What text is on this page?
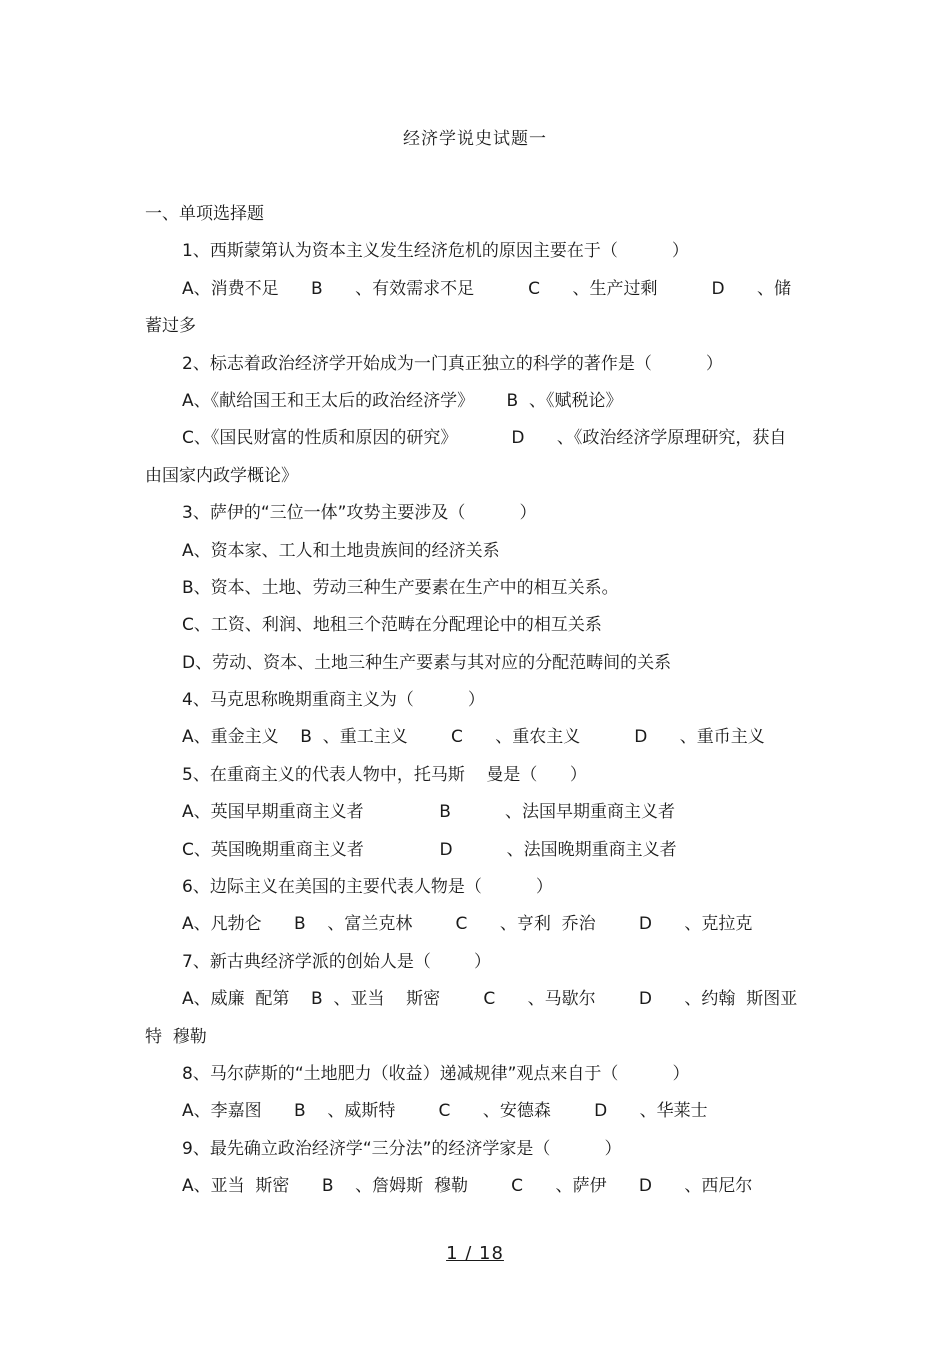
经济学说史试题一
一、单项选择题
1、西斯蒙第认为资本主义发生经济危机的原因主要在于（          ）
A、消费不足      B      、有效需求不足          C      、生产过剩          D      、储
蓄过多
2、标志着政治经济学开始成为一门真正独立的科学的著作是（          ）
A、《献给国王和王太后的政治经济学》      B  、《赋税论》
C、《国民财富的性质和原因的研究》          D      、《政治经济学原理研究，获自
由国家内政学概论》
3、萨伊的“三位一体”攻势主要涉及（          ）
A、资本家、工人和土地贵族间的经济关系
B、资本、土地、劳动三种生产要素在生产中的相互关系。
C、工资、利润、地租三个范畴在分配理论中的相互关系
D、劳动、资本、土地三种生产要素与其对应的分配范畴间的关系
4、马克思称晚期重商主义为（          ）
A、重金主义    B  、重工主义        C      、重农主义          D      、重币主义
5、在重商主义的代表人物中，托马斯    曼是（      ）
A、英国早期重商主义者              B          、法国早期重商主义者
C、英国晚期重商主义者              D          、法国晚期重商主义者
6、边际主义在美国的主要代表人物是（          ）
A、凡勃仑      B    、富兰克林        C      、亨利  乔治        D      、克拉克
7、新古典经济学派的创始人是（        ）
A、威廉  配第    B  、亚当    斯密        C      、马歇尔        D      、约翰  斯图亚
特  穆勒
8、马尔萨斯的“土地肥力（收益）递减规律”观点来自于（          ）
A、李嘉图      B    、威斯特        C      、安德森        D      、华莱士
9、最先确立政治经济学“三分法”的经济学家是（          ）
A、亚当  斯密      B    、詹姆斯  穆勒        C      、萨伊      D      、西尼尔
1 / 18
